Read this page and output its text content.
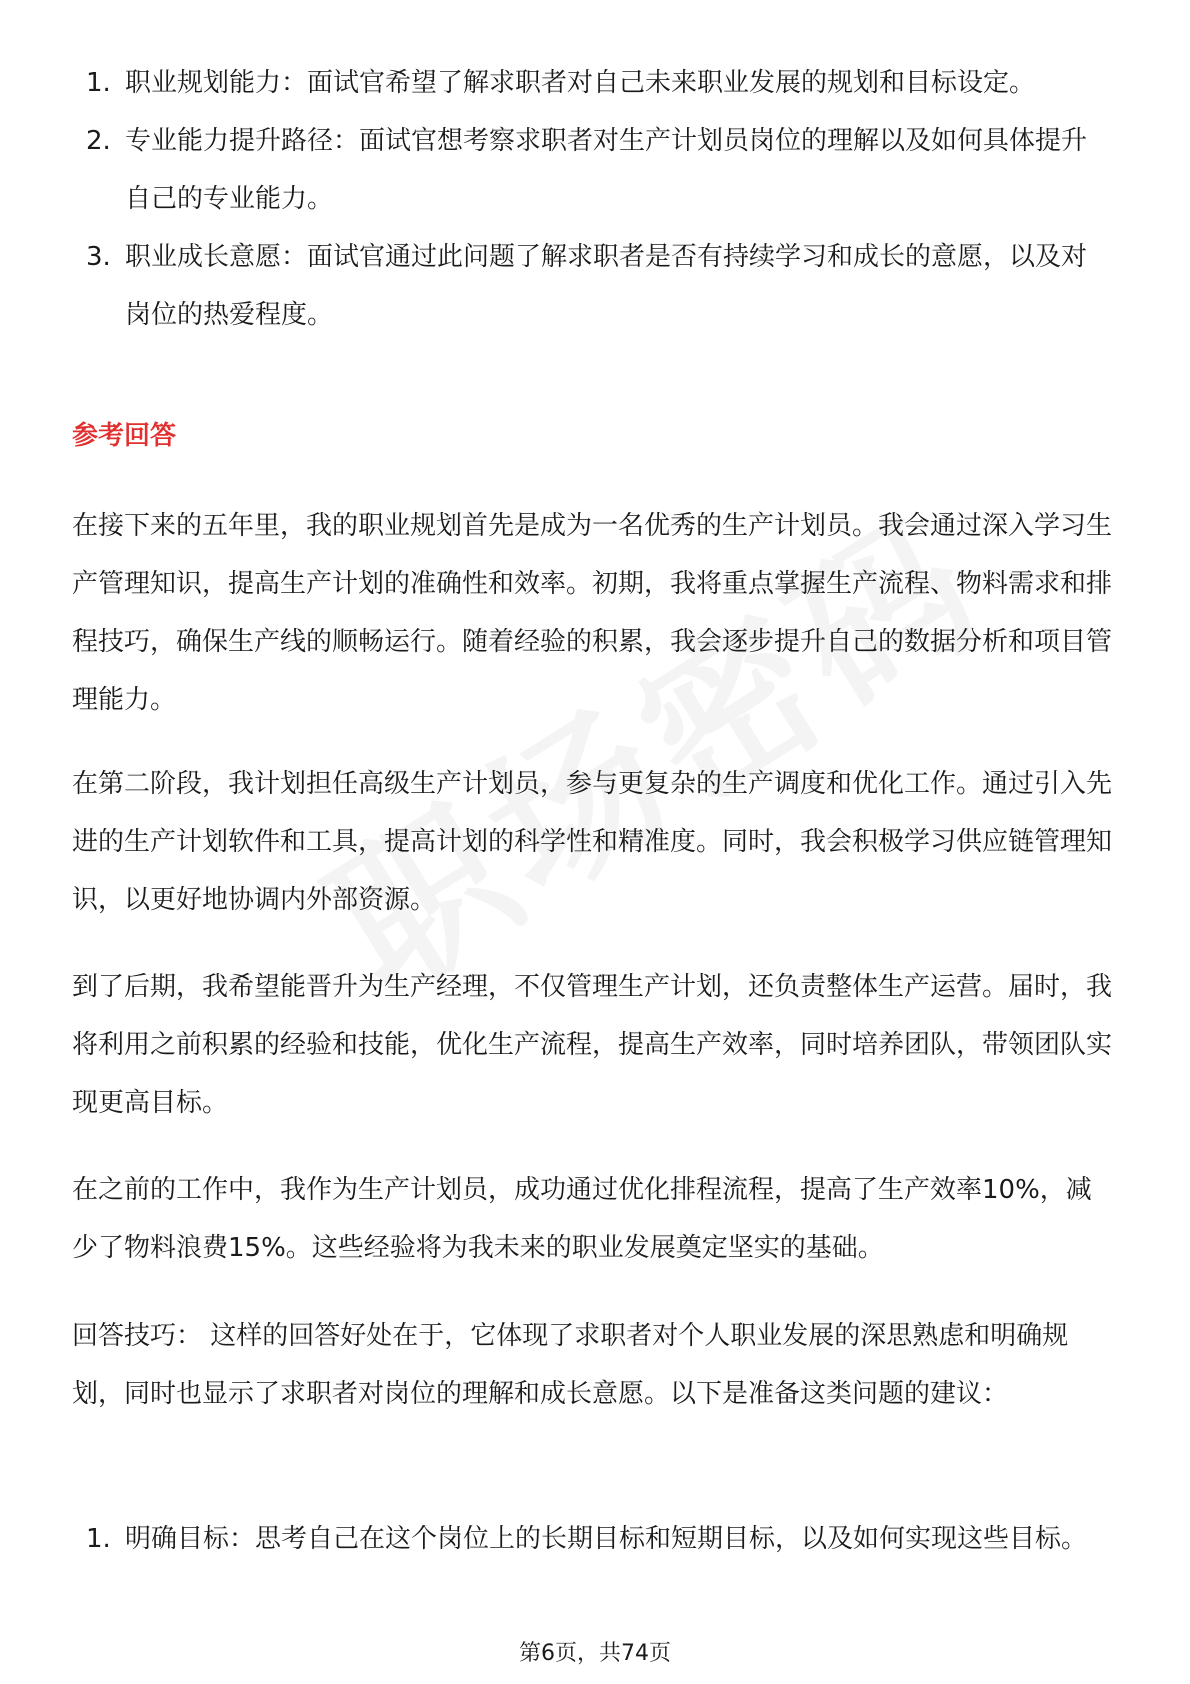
1. 职业规划能力：面试官希望了解求职者对自己未来职业发展的规划和目标设定。
2. 专业能力提升路径：面试官想考察求职者对生产计划员岗位的理解以及如何具体提升自己的专业能力。
3. 职业成长意愿：面试官通过此问题了解求职者是否有持续学习和成长的意愿，以及对岗位的热爱程度。
参考回答
在接下来的五年里，我的职业规划首先是成为一名优秀的生产计划员。我会通过深入学习生产管理知识，提高生产计划的准确性和效率。初期，我将重点掌握生产流程、物料需求和排程技巧，确保生产线的顺畅运行。随着经验的积累，我会逐步提升自己的数据分析和项目管理能力。
在第二阶段，我计划担任高级生产计划员，参与更复杂的生产调度和优化工作。通过引入先进的生产计划软件和工具，提高计划的科学性和精准度。同时，我会积极学习供应链管理知识，以更好地协调内外部资源。
到了后期，我希望能晋升为生产经理，不仅管理生产计划，还负责整体生产运营。届时，我将利用之前积累的经验和技能，优化生产流程，提高生产效率，同时培养团队，带领团队实现更高目标。
在之前的工作中，我作为生产计划员，成功通过优化排程流程，提高了生产效率10%，减少了物料浪费15%。这些经验将为我未来的职业发展奠定坚实的基础。
回答技巧： 这样的回答好处在于，它体现了求职者对个人职业发展的深思熟虑和明确规划，同时也显示了求职者对岗位的理解和成长意愿。以下是准备这类问题的建议：
1. 明确目标：思考自己在这个岗位上的长期目标和短期目标，以及如何实现这些目标。
第6页，共74页
